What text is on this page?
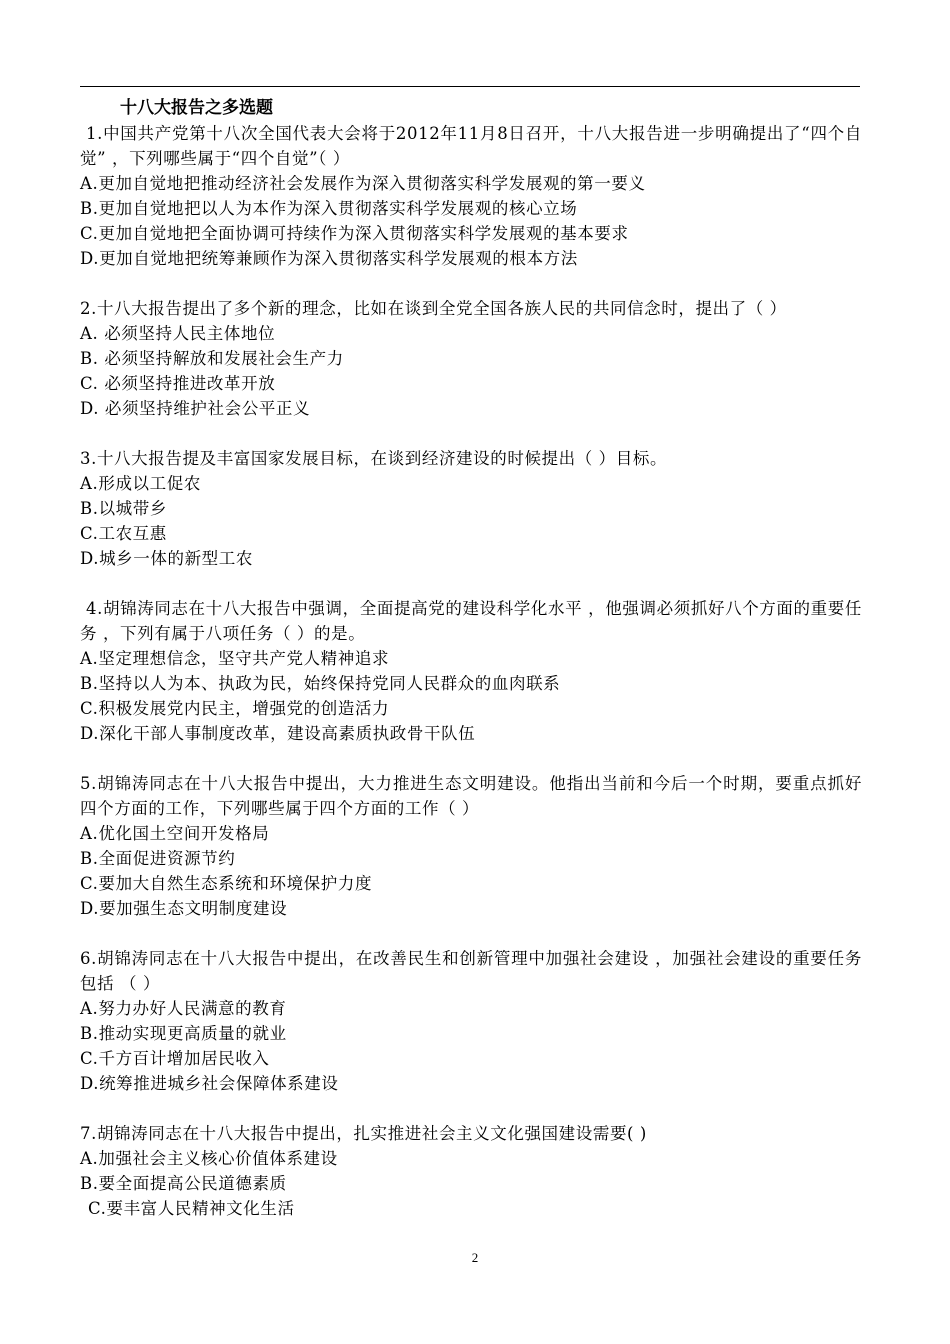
十八大报告之多选题

1.中国共产党第十八次全国代表大会将于2012年11月8日召开，十八大报告进一步明确提出了“四个自觉” ，下列哪些属于“四个自觉”（ ）

A.更加自觉地把推动经济社会发展作为深入贯彻落实科学发展观的第一要义
B.更加自觉地把以人为本作为深入贯彻落实科学发展观的核心立场
C.更加自觉地把全面协调可持续作为深入贯彻落实科学发展观的基本要求
D.更加自觉地把统筹兼顾作为深入贯彻落实科学发展观的根本方法

2.十八大报告提出了多个新的理念，比如在谈到全党全国各族人民的共同信念时，提出了（ ）

A. 必须坚持人民主体地位
B. 必须坚持解放和发展社会生产力
C. 必须坚持推进改革开放
D. 必须坚持维护社会公平正义

3.十八大报告提及丰富国家发展目标，在谈到经济建设的时候提出（ ）目标。

A.形成以工促农
B.以城带乡
C.工农互惠
D.城乡一体的新型工农

4.胡锦涛同志在十八大报告中强调，全面提高党的建设科学化水平 ，他强调必须抓好八个方面的重要任务 ，下列有属于八项任务（ ）的是。

A.坚定理想信念，坚守共产党人精神追求
B.坚持以人为本、执政为民，始终保持党同人民群众的血肉联系
C.积极发展党内民主，增强党的创造活力
D.深化干部人事制度改革，建设高素质执政骨干队伍

5.胡锦涛同志在十八大报告中提出，大力推进生态文明建设。他指出当前和今后一个时期，要重点抓好四个方面的工作，下列哪些属于四个方面的工作（ ）

A.优化国土空间开发格局
B.全面促进资源节约
C.要加大自然生态系统和环境保护力度
D.要加强生态文明制度建设

6.胡锦涛同志在十八大报告中提出，在改善民生和创新管理中加强社会建设 ，加强社会建设的重要任务包括 （ ）

A.努力办好人民满意的教育
B.推动实现更高质量的就业
C.千方百计增加居民收入
D.统筹推进城乡社会保障体系建设

7.胡锦涛同志在十八大报告中提出，扎实推进社会主义文化强国建设需要( )

A.加强社会主义核心价值体系建设
B.要全面提高公民道德素质
C.要丰富人民精神文化生活
2
